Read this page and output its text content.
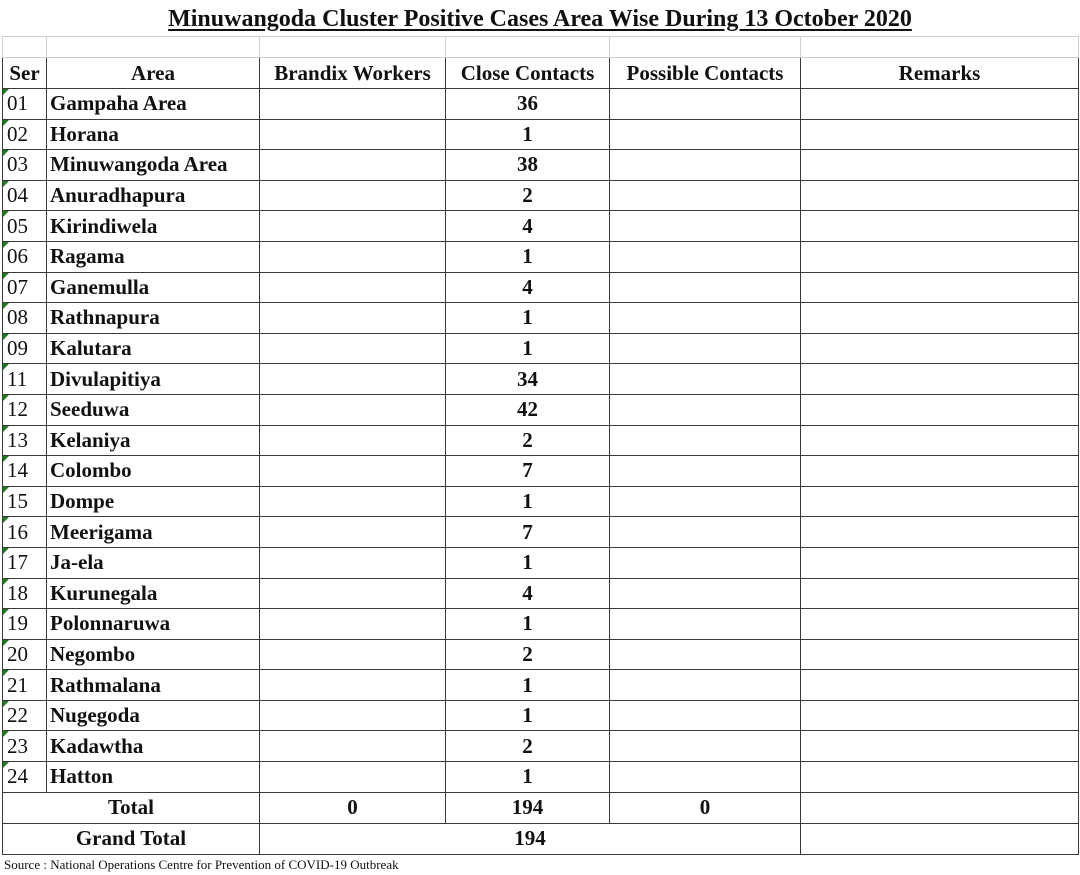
Minuwangoda Cluster Positive Cases Area Wise During 13 October 2020

Ser	Area	Brandix Workers	Close Contacts	Possible Contacts	Remarks
01	Gampaha Area		36		
02	Horana		1		
03	Minuwangoda Area		38		
04	Anuradhapura		2		
05	Kirindiwela		4		
06	Ragama		1		
07	Ganemulla		4		
08	Rathnapura		1		
09	Kalutara		1		
11	Divulapitiya		34		
12	Seeduwa		42		
13	Kelaniya		2		
14	Colombo		7		
15	Dompe		1		
16	Meerigama		7		
17	Ja-ela		1		
18	Kurunegala		4		
19	Polonnaruwa		1		
20	Negombo		2		
21	Rathmalana		1		
22	Nugegoda		1		
23	Kadawtha		2		
24	Hatton		1		
Total		0	194	0	
Grand Total		194			
Source : National Operations Centre for Prevention of COVID-19 Outbreak
